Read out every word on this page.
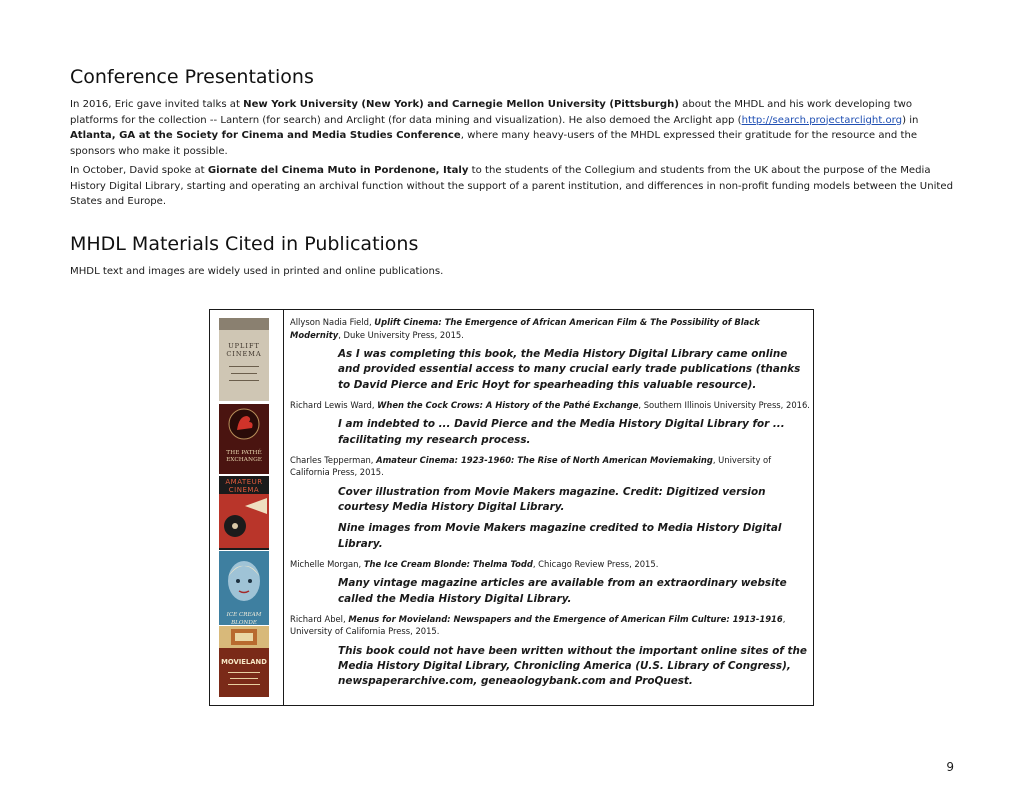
Conference Presentations

In 2016, Eric gave invited talks at New York University (New York) and Carnegie Mellon University (Pittsburgh) about the MHDL and his work developing two platforms for the collection -- Lantern (for search) and Arclight (for data mining and visualization). He also demoed the Arclight app (http://search.projectarclight.org) in Atlanta, GA at the Society for Cinema and Media Studies Conference, where many heavy-users of the MHDL expressed their gratitude for the resource and the sponsors who make it possible.

In October, David spoke at Giornate del Cinema Muto in Pordenone, Italy to the students of the Collegium and students from the UK about the purpose of the Media History Digital Library, starting and operating an archival function without the support of a parent institution, and differences in non-profit funding models between the United States and Europe.

MHDL Materials Cited in Publications

MHDL text and images are widely used in printed and online publications.

UPLIFT
CINEMA
THE PATHÉ
EXCHANGE
AMATEUR
CINEMA
ICE CREAM BLONDE
MOVIELAND

Allyson Nadia Field, Uplift Cinema: The Emergence of African American Film & The Possibility of Black Modernity, Duke University Press, 2015.

As I was completing this book, the Media History Digital Library came online and provided essential access to many crucial early trade publications (thanks to David Pierce and Eric Hoyt for spearheading this valuable resource).

Richard Lewis Ward, When the Cock Crows: A History of the Pathé Exchange, Southern Illinois University Press, 2016.

I am indebted to ... David Pierce and the Media History Digital Library for ... facilitating my research process.

Charles Tepperman, Amateur Cinema: 1923-1960: The Rise of North American Moviemaking, University of California Press, 2015.

Cover illustration from Movie Makers magazine. Credit: Digitized version courtesy Media History Digital Library.

Nine images from Movie Makers magazine credited to Media History Digital Library.

Michelle Morgan, The Ice Cream Blonde: Thelma Todd, Chicago Review Press, 2015.

Many vintage magazine articles are available from an extraordinary website called the Media History Digital Library.

Richard Abel, Menus for Movieland: Newspapers and the Emergence of American Film Culture: 1913-1916, University of California Press, 2015.

This book could not have been written without the important online sites of the Media History Digital Library, Chronicling America (U.S. Library of Congress), newspaperarchive.com, geneaologybank.com and ProQuest.

9
